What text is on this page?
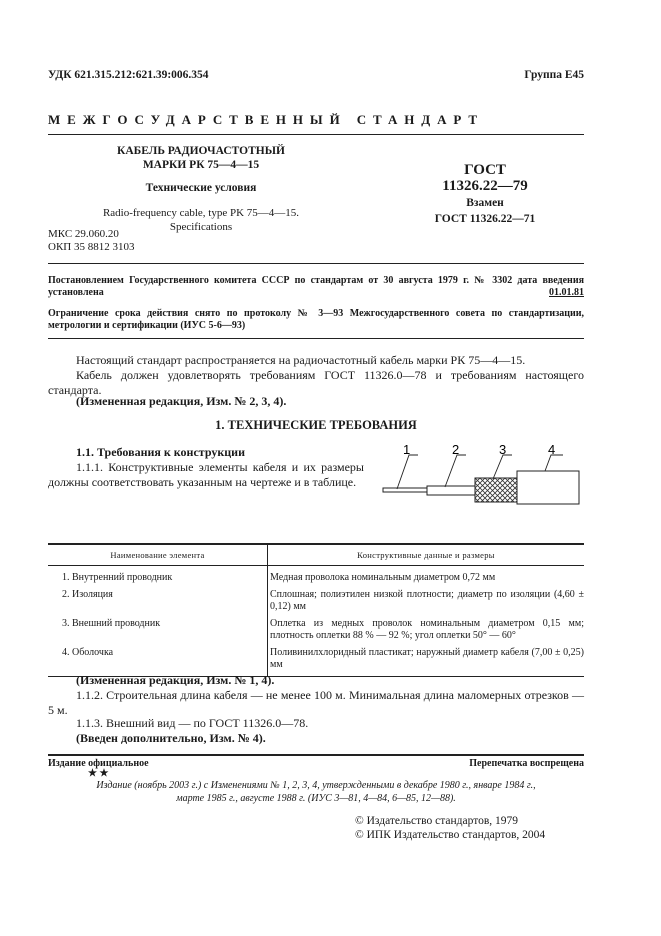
УДК 621.315.212:621.39:006.354	Группа Е45
МЕЖГОСУДАРСТВЕННЫЙ СТАНДАРТ
КАБЕЛЬ РАДИОЧАСТОТНЫЙ
МАРКИ РК 75—4—15
Технические условия
Radio-frequency cable, type PK 75—4—15.
Specifications
МКС 29.060.20
ОКП 35 8812 3103
ГОСТ
11326.22—79
Взамен
ГОСТ 11326.22—71
Постановлением Государственного комитета СССР по стандартам от 30 августа 1979 г. № 3302 дата введения установлена	01.01.81
Ограничение срока действия снято по протоколу № 3—93 Межгосударственного совета по стандартизации, метрологии и сертификации (ИУС 5-6—93)
Настоящий стандарт распространяется на радиочастотный кабель марки РК 75—4—15.
Кабель должен удовлетворять требованиям ГОСТ 11326.0—78 и требованиям настоящего стандарта.
(Измененная редакция, Изм. № 2, 3, 4).
1. ТЕХНИЧЕСКИЕ ТРЕБОВАНИЯ
1.1. Требования к конструкции
1.1.1. Конструктивные элементы кабеля и их размеры должны соответствовать указанным на чертеже и в таблице.
1	2	3	4
Наименование элемента	Конструктивные данные и размеры
1. Внутренний проводник	Медная проволока номинальным диаметром 0,72 мм
2. Изоляция	Сплошная; полиэтилен низкой плотности; диаметр по изоляции (4,60 ± 0,12) мм
3. Внешний проводник	Оплетка из медных проволок номинальным диаметром 0,15 мм; плотность оплетки 88 % — 92 %; угол оплетки 50° — 60°
4. Оболочка	Поливинилхлоридный пластикат; наружный диаметр кабеля (7,00 ± 0,25) мм
(Измененная редакция, Изм. № 1, 4).
1.1.2. Строительная длина кабеля — не менее 100 м. Минимальная длина маломерных отрезков — 5 м.
1.1.3. Внешний вид — по ГОСТ 11326.0—78.
(Введен дополнительно, Изм. № 4).
Издание официальное
★ ★
Перепечатка воспрещена
Издание (ноябрь 2003 г.) с Изменениями № 1, 2, 3, 4, утвержденными в декабре 1980 г., январе 1984 г.,
марте 1985 г., августе 1988 г. (ИУС 3—81, 4—84, 6—85, 12—88).
© Издательство стандартов, 1979
© ИПК Издательство стандартов, 2004
